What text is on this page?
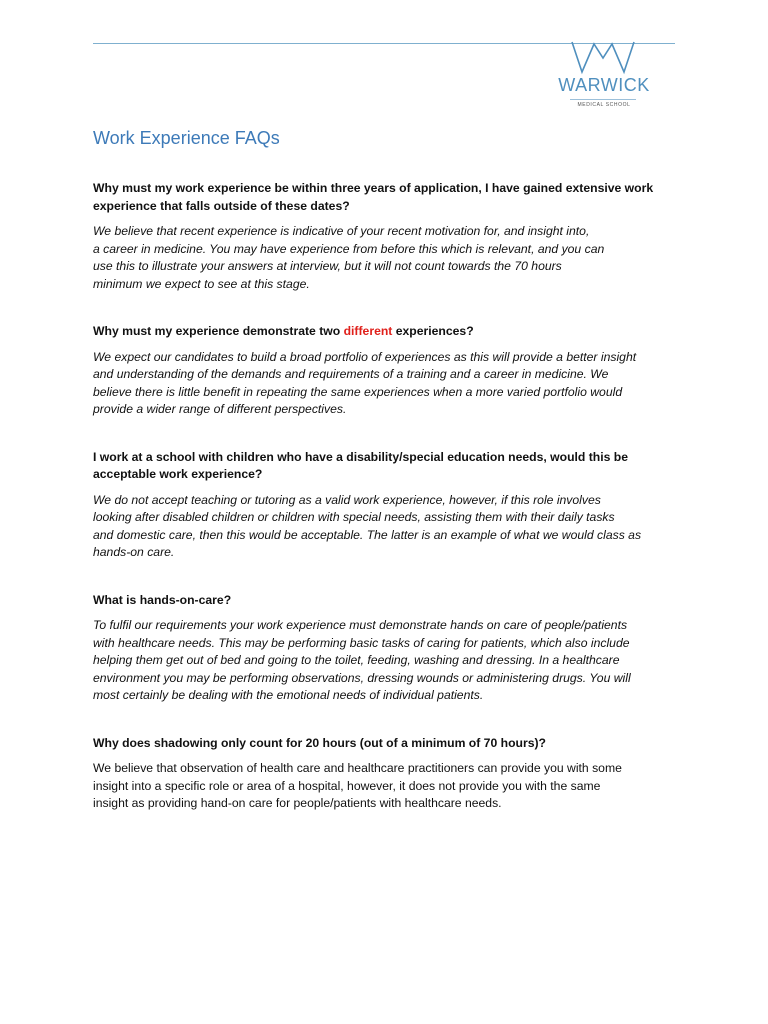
WARWICK
MEDICAL SCHOOL
Work Experience FAQs
Why must my work experience be within three years of application, I have gained extensive work
experience that falls outside of these dates?
We believe that recent experience is indicative of your recent motivation for, and insight into,
a career in medicine. You may have experience from before this which is relevant, and you can
use this to illustrate your answers at interview, but it will not count towards the 70 hours
minimum we expect to see at this stage.
Why must my experience demonstrate two different experiences?
We expect our candidates to build a broad portfolio of experiences as this will provide a better insight
and understanding of the demands and requirements of a training and a career in medicine. We
believe there is little benefit in repeating the same experiences when a more varied portfolio would
provide a wider range of different perspectives.
I work at a school with children who have a disability/special education needs, would this be
acceptable work experience?
We do not accept teaching or tutoring as a valid work experience, however, if this role involves
looking after disabled children or children with special needs, assisting them with their daily tasks
and domestic care, then this would be acceptable. The latter is an example of what we would class as
hands-on care.
What is hands-on-care?
To fulfil our requirements your work experience must demonstrate hands on care of people/patients
with healthcare needs. This may be performing basic tasks of caring for patients, which also include
helping them get out of bed and going to the toilet, feeding, washing and dressing. In a healthcare
environment you may be performing observations, dressing wounds or administering drugs. You will
most certainly be dealing with the emotional needs of individual patients.
Why does shadowing only count for 20 hours (out of a minimum of 70 hours)?
We believe that observation of health care and healthcare practitioners can provide you with some
insight into a specific role or area of a hospital, however, it does not provide you with the same
insight as providing hand-on care for people/patients with healthcare needs.
